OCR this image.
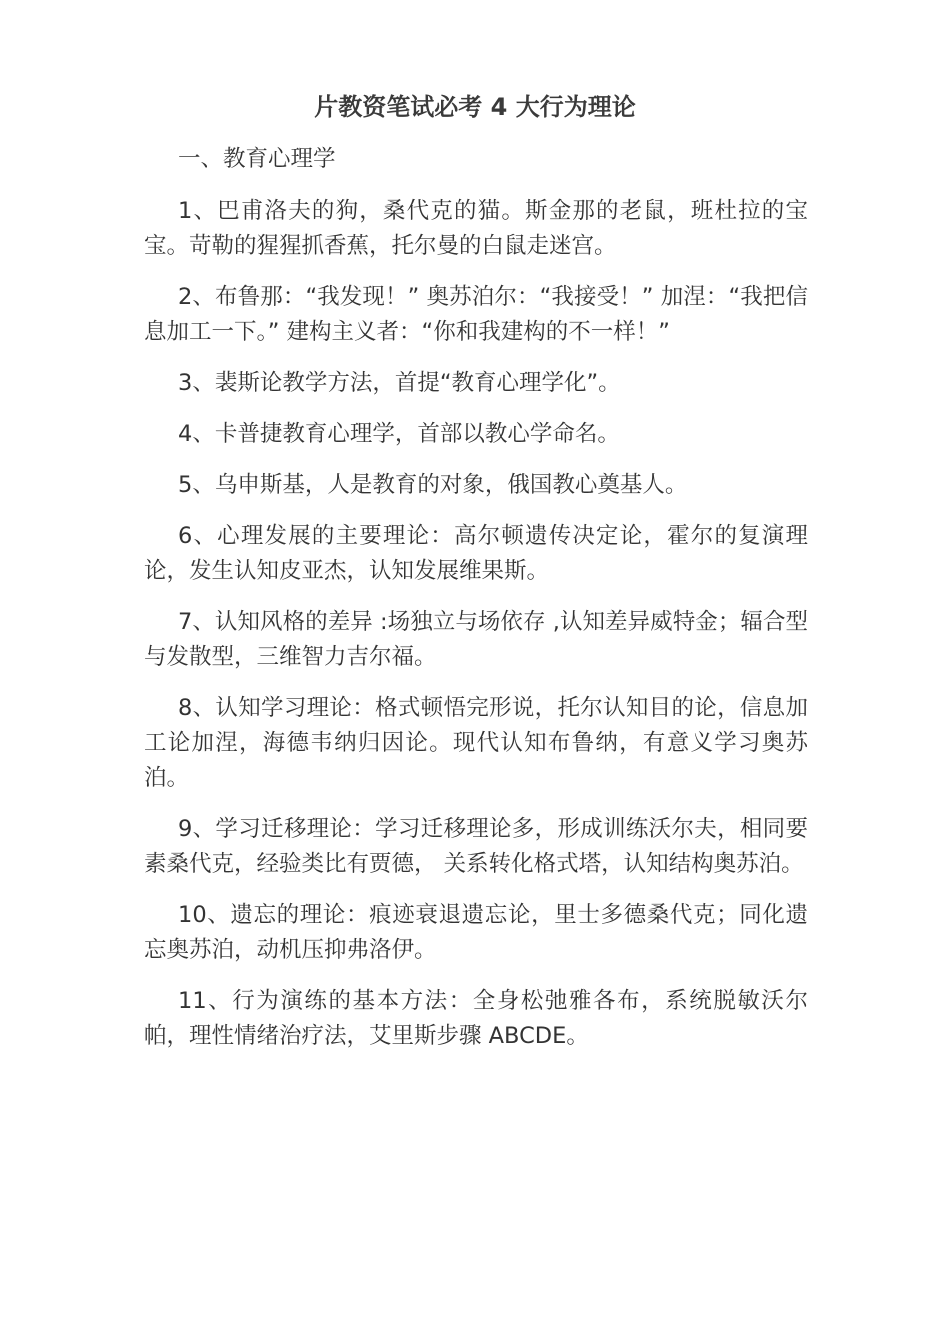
片教资笔试必考 4 大行为理论

一、教育心理学

1、巴甫洛夫的狗，桑代克的猫。斯金那的老鼠，班杜拉的宝宝。苛勒的猩猩抓香蕉，托尔曼的白鼠走迷宫。

2、布鲁那：“我发现！” 奥苏泊尔：“我接受！” 加涅：“我把信息加工一下。” 建构主义者：“你和我建构的不一样！”

3、裴斯论教学方法，首提“教育心理学化”。

4、卡普捷教育心理学，首部以教心学命名。

5、乌申斯基，人是教育的对象，俄国教心奠基人。

6、心理发展的主要理论：高尔顿遗传决定论，霍尔的复演理论，发生认知皮亚杰，认知发展维果斯。

7、认知风格的差异 :场独立与场依存 ,认知差异威特金；辐合型与发散型，三维智力吉尔福。

8、认知学习理论：格式顿悟完形说，托尔认知目的论，信息加工论加涅，海德韦纳归因论。现代认知布鲁纳，有意义学习奥苏泊。

9、学习迁移理论：学习迁移理论多，形成训练沃尔夫，相同要素桑代克，经验类比有贾德， 关系转化格式塔，认知结构奥苏泊。

10、遗忘的理论：痕迹衰退遗忘论，里士多德桑代克；同化遗忘奥苏泊，动机压抑弗洛伊。

11、行为演练的基本方法：全身松弛雅各布，系统脱敏沃尔帕，理性情绪治疗法，艾里斯步骤 ABCDE。
